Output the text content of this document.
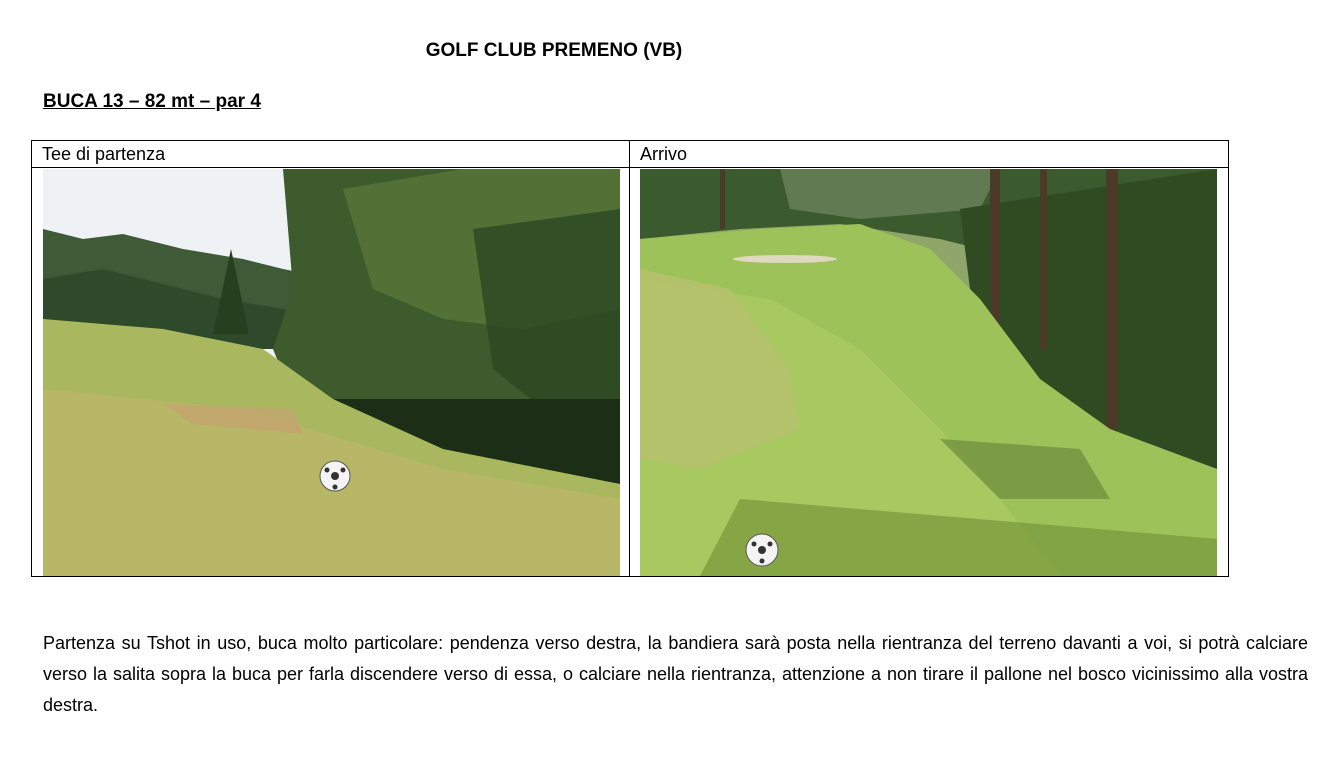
GOLF CLUB PREMENO (VB)
BUCA 13 – 82 mt – par 4
Tee di partenza	Arrivo

Partenza su Tshot in uso, buca molto particolare: pendenza verso destra, la bandiera sarà posta nella rientranza del terreno davanti a voi, si potrà calciare verso la salita sopra la buca per farla discendere verso di essa, o calciare nella rientranza, attenzione a non tirare il pallone nel bosco vicinissimo alla vostra destra.
